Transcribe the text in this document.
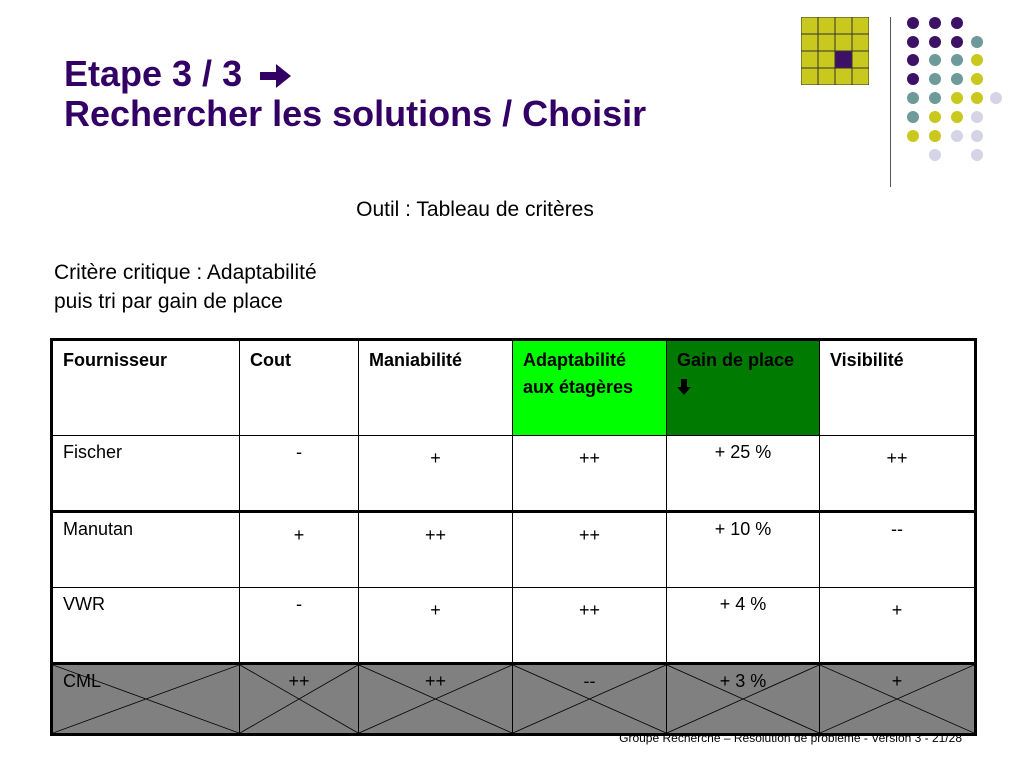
Etape 3 / 3
Rechercher les solutions / Choisir
Outil : Tableau de critères
Critère critique : Adaptabilité
puis tri par gain de place
Fournisseur	Cout	Maniabilité	Adaptabilité aux étagères	Gain de place	Visibilité
Fischer	-	+	++	+ 25 %	++
Manutan	+	++	++	+ 10 %	--
VWR	-	+	++	+ 4 %	+

CML	++	++	--	+ 3 %	+
Groupe Recherche – Résolution de problème - Version 3 - 21/28
